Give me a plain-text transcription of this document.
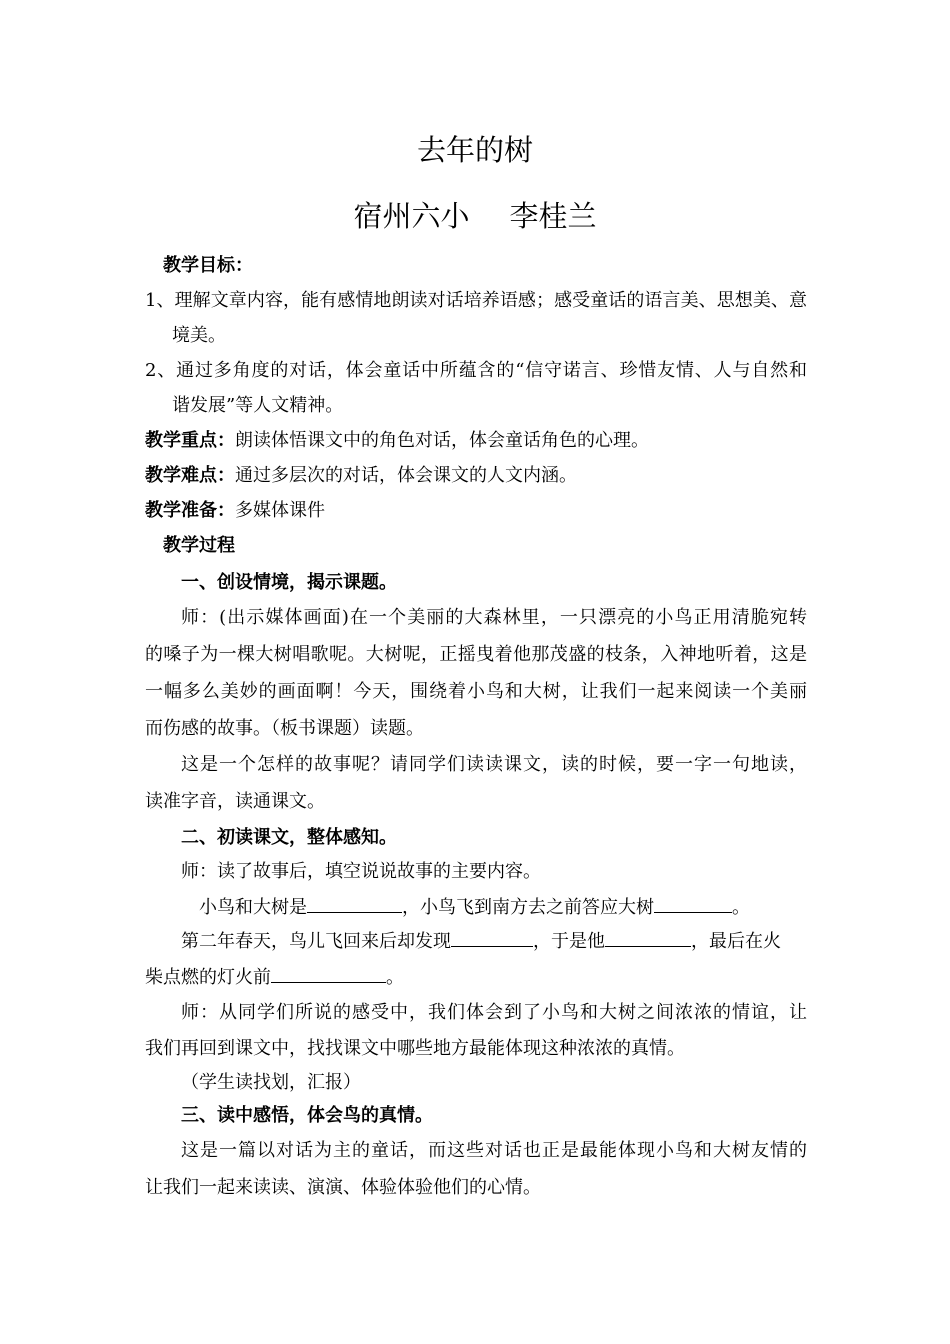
去年的树
宿州六小 李桂兰
教学目标：
1、理解文章内容，能有感情地朗读对话培养语感；感受童话的语言美、思想美、意
境美。
2、通过多角度的对话，体会童话中所蕴含的“信守诺言、珍惜友情、人与自然和
谐发展”等人文精神。
教学重点：朗读体悟课文中的角色对话，体会童话角色的心理。
教学难点：通过多层次的对话，体会课文的人文内涵。
教学准备：多媒体课件
教学过程
一、创设情境，揭示课题。
师：(出示媒体画面)在一个美丽的大森林里，一只漂亮的小鸟正用清脆宛转
的嗓子为一棵大树唱歌呢。大树呢，正摇曳着他那茂盛的枝条，入神地听着，这是
一幅多么美妙的画面啊！今天，围绕着小鸟和大树，让我们一起来阅读一个美丽
而伤感的故事。（板书课题）读题。
这是一个怎样的故事呢？请同学们读读课文，读的时候，要一字一句地读，
读准字音，读通课文。
二、初读课文，整体感知。
师：读了故事后，填空说说故事的主要内容。
小鸟和大树是	，小鸟飞到南方去之前答应大树	。
第二年春天，鸟儿飞回来后却发现	，于是他	，最后在火
柴点燃的灯火前	。
师：从同学们所说的感受中，我们体会到了小鸟和大树之间浓浓的情谊，让
我们再回到课文中，找找课文中哪些地方最能体现这种浓浓的真情。
（学生读找划，汇报）
三、读中感悟，体会鸟的真情。
这是一篇以对话为主的童话，而这些对话也正是最能体现小鸟和大树友情的
让我们一起来读读、演演、体验体验他们的心情。
